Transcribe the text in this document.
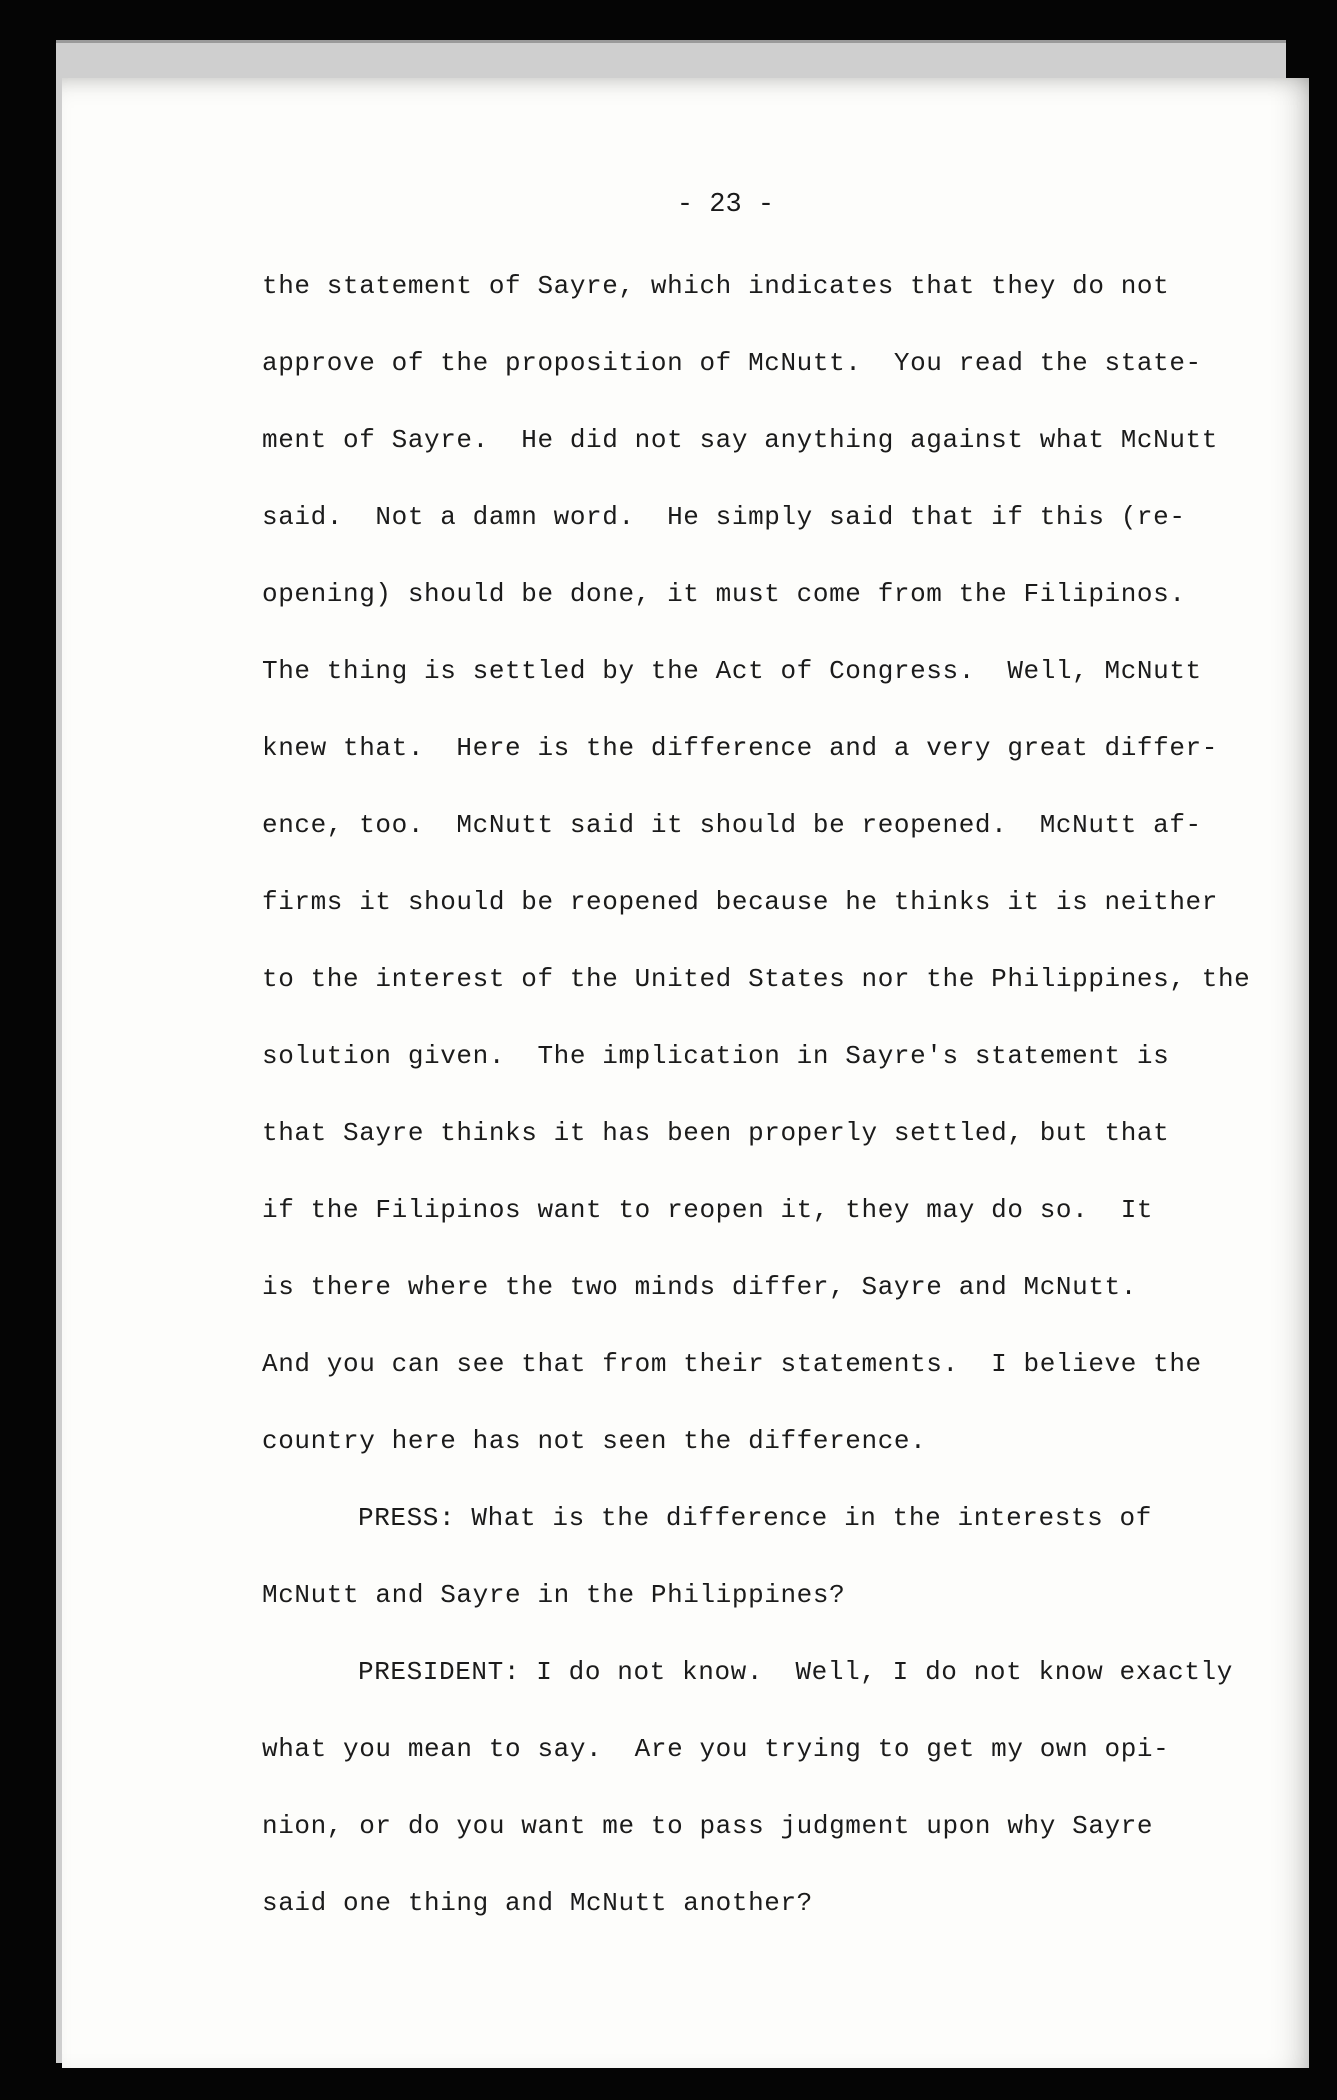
- 23 -
the statement of Sayre, which indicates that they do not
approve of the proposition of McNutt.  You read the state-
ment of Sayre.  He did not say anything against what McNutt
said.  Not a damn word.  He simply said that if this (re-
opening) should be done, it must come from the Filipinos.
The thing is settled by the Act of Congress.  Well, McNutt
knew that.  Here is the difference and a very great differ-
ence, too.  McNutt said it should be reopened.  McNutt af-
firms it should be reopened because he thinks it is neither
to the interest of the United States nor the Philippines, the
solution given.  The implication in Sayre's statement is
that Sayre thinks it has been properly settled, but that
if the Filipinos want to reopen it, they may do so.  It
is there where the two minds differ, Sayre and McNutt.
And you can see that from their statements.  I believe the
country here has not seen the difference.
PRESS: What is the difference in the interests of
McNutt and Sayre in the Philippines?
PRESIDENT: I do not know.  Well, I do not know exactly
what you mean to say.  Are you trying to get my own opi-
nion, or do you want me to pass judgment upon why Sayre
said one thing and McNutt another?
